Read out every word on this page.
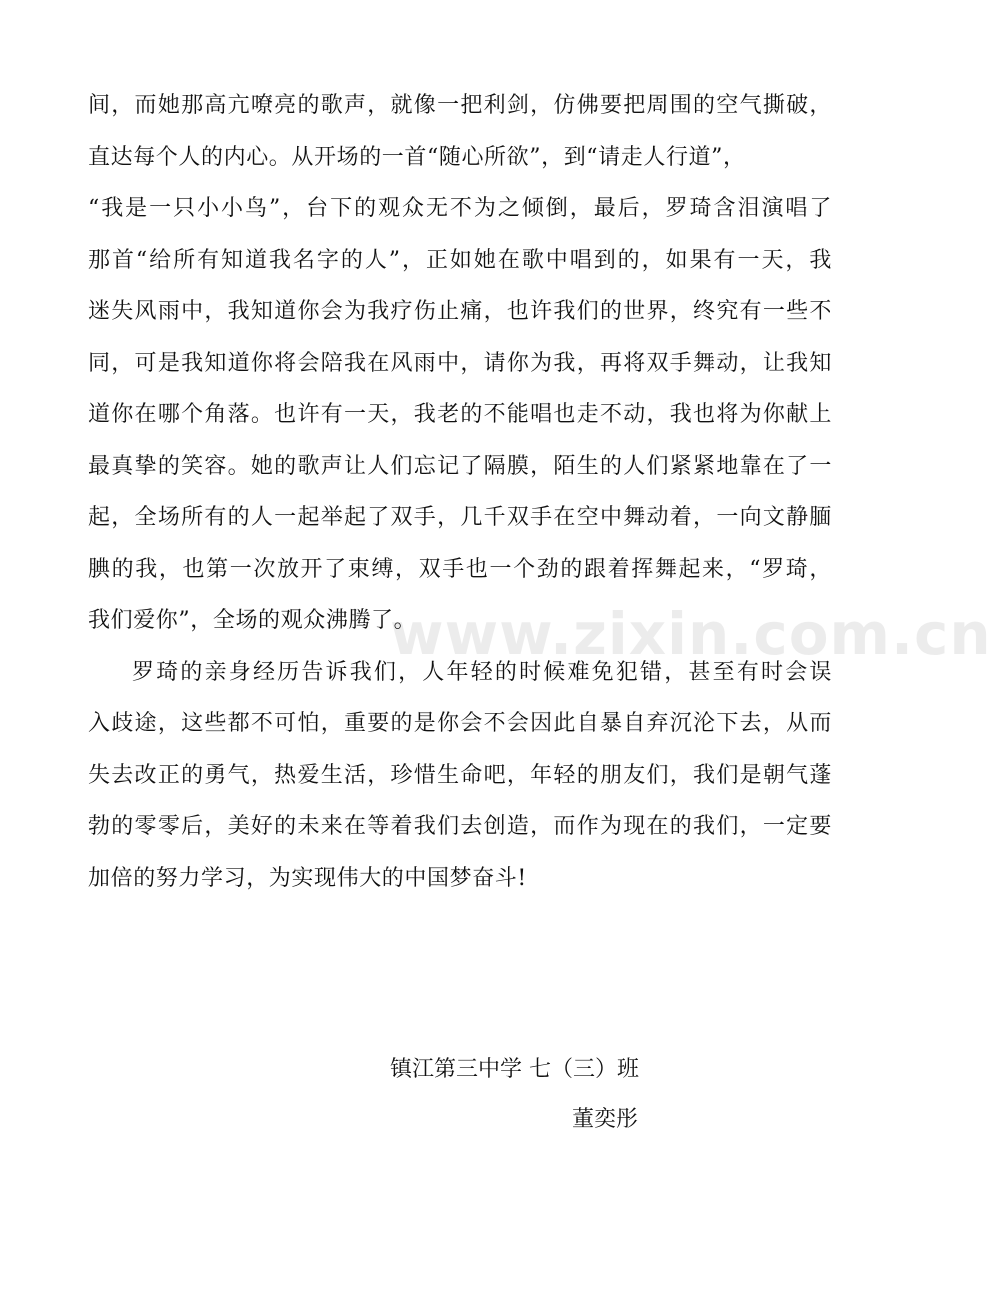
间，而她那高亢嘹亮的歌声，就像一把利剑，仿佛要把周围的空气撕破，
直达每个人的内心。从开场的一首“随心所欲”，到“请走人行道”，
“我是一只小小鸟”，台下的观众无不为之倾倒，最后，罗琦含泪演唱了
那首“给所有知道我名字的人”，正如她在歌中唱到的，如果有一天，我
迷失风雨中，我知道你会为我疗伤止痛，也许我们的世界，终究有一些不
同，可是我知道你将会陪我在风雨中，请你为我，再将双手舞动，让我知
道你在哪个角落。也许有一天，我老的不能唱也走不动，我也将为你献上
最真挚的笑容。她的歌声让人们忘记了隔膜，陌生的人们紧紧地靠在了一
起，全场所有的人一起举起了双手，几千双手在空中舞动着，一向文静腼
腆的我，也第一次放开了束缚，双手也一个劲的跟着挥舞起来，“罗琦，
我们爱你”，全场的观众沸腾了。
罗琦的亲身经历告诉我们，人年轻的时候难免犯错，甚至有时会误
入歧途，这些都不可怕，重要的是你会不会因此自暴自弃沉沦下去，从而
失去改正的勇气，热爱生活，珍惜生命吧，年轻的朋友们，我们是朝气蓬
勃的零零后，美好的未来在等着我们去创造，而作为现在的我们，一定要
加倍的努力学习，为实现伟大的中国梦奋斗!
镇江第三中学 七（三）班
董奕彤
www.zixin.com.cn
